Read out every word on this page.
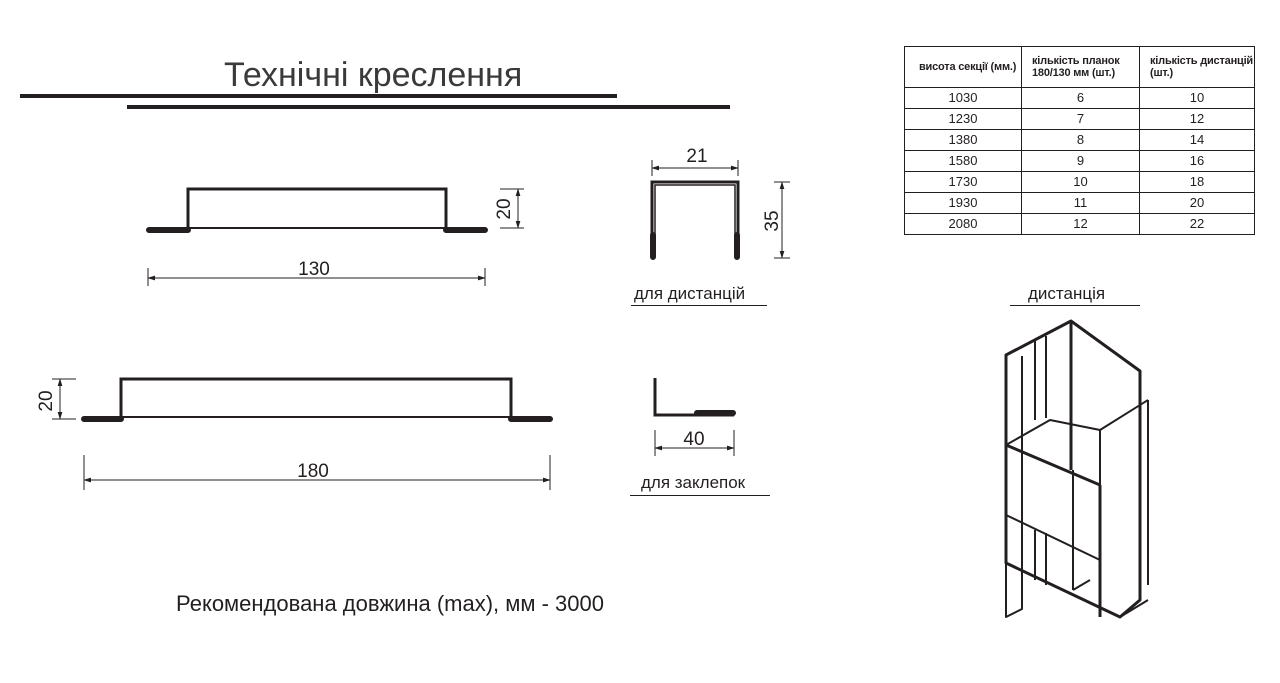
Технічні креслення
20
130
20
180
21
35
40
для дистанцій
для заклепок
дистанція
висота секції (мм.)	кількість планок 180/130 мм (шт.)	кількість дистанцій (шт.)
1030	6	10
1230	7	12
1380	8	14
1580	9	16
1730	10	18
1930	11	20
2080	12	22
Рекомендована довжина (max), мм - 3000
